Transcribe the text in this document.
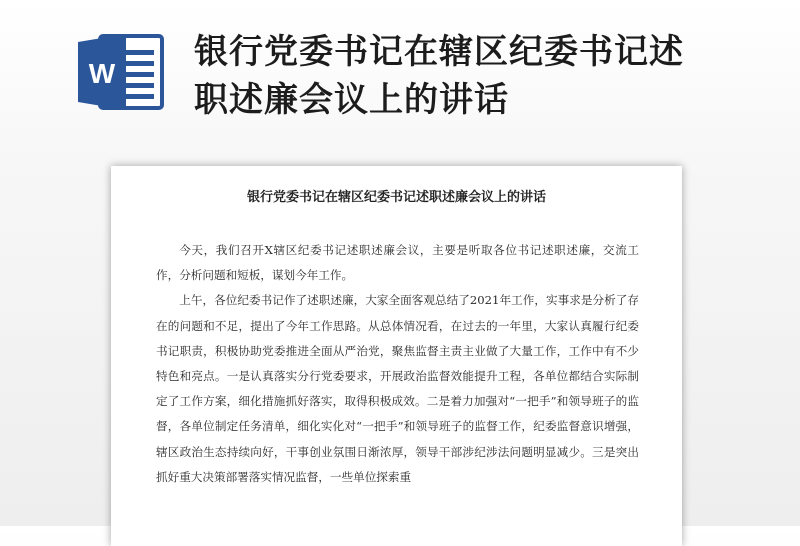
W
银行党委书记在辖区纪委书记述
职述廉会议上的讲话
银行党委书记在辖区纪委书记述职述廉会议上的讲话

今天，我们召开X辖区纪委书记述职述廉会议，主要是听取各位书记述职述廉，交流工作，分析问题和短板，谋划今年工作。

上午，各位纪委书记作了述职述廉，大家全面客观总结了2021年工作，实事求是分析了存在的问题和不足，提出了今年工作思路。从总体情况看，在过去的一年里，大家认真履行纪委书记职责，积极协助党委推进全面从严治党，聚焦监督主责主业做了大量工作，工作中有不少特色和亮点。一是认真落实分行党委要求，开展政治监督效能提升工程，各单位都结合实际制定了工作方案，细化措施抓好落实，取得积极成效。二是着力加强对“一把手”和领导班子的监督，各单位制定任务清单，细化实化对“一把手”和领导班子的监督工作，纪委监督意识增强，辖区政治生态持续向好，干事创业氛围日渐浓厚，领导干部涉纪涉法问题明显减少。三是突出抓好重大决策部署落实情况监督，一些单位探索重
